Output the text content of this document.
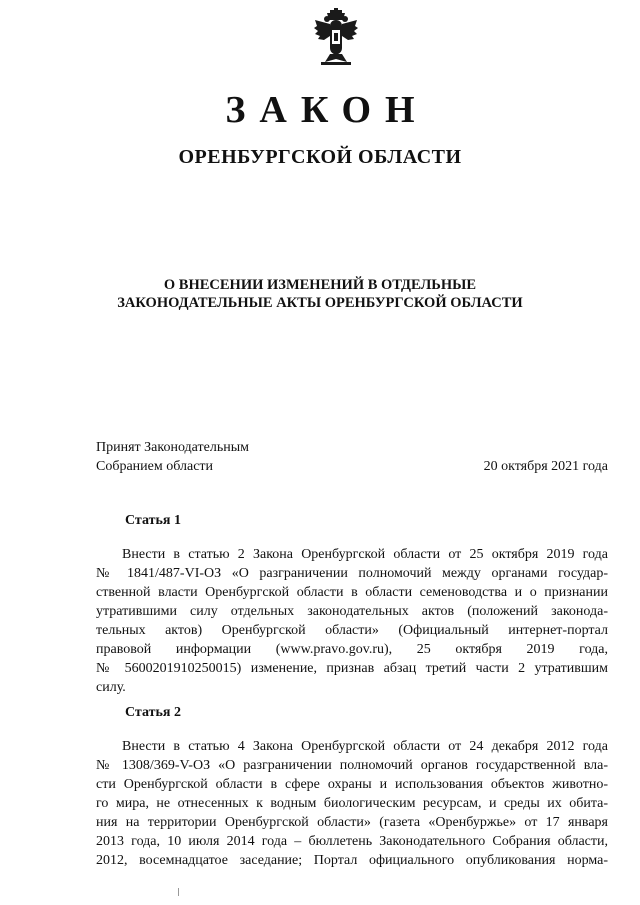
ЗАКОН
ОРЕНБУРГСКОЙ ОБЛАСТИ
О ВНЕСЕНИИ ИЗМЕНЕНИЙ В ОТДЕЛЬНЫЕ
ЗАКОНОДАТЕЛЬНЫЕ АКТЫ ОРЕНБУРГСКОЙ ОБЛАСТИ
Принят Законодательным
Собранием области	20 октября 2021 года
Статья 1
Внести в статью 2 Закона Оренбургской области от 25 октября 2019 года
№ 1841/487-VI-ОЗ «О разграничении полномочий между органами государ-
ственной власти Оренбургской области в области семеноводства и о признании
утратившими силу отдельных законодательных актов (положений законода-
тельных актов) Оренбургской области» (Официальный интернет-портал
правовой информации (www.pravo.gov.ru), 25 октября 2019 года,
№ 5600201910250015) изменение, признав абзац третий части 2 утратившим
силу.
Статья 2
Внести в статью 4 Закона Оренбургской области от 24 декабря 2012 года
№ 1308/369-V-ОЗ «О разграничении полномочий органов государственной вла-
сти Оренбургской области в сфере охраны и использования объектов животно-
го мира, не отнесенных к водным биологическим ресурсам, и среды их обита-
ния на территории Оренбургской области» (газета «Оренбуржье» от 17 января
2013 года, 10 июля 2014 года – бюллетень Законодательного Собрания области,
2012, восемнадцатое заседание; Портал официального опубликования норма-
